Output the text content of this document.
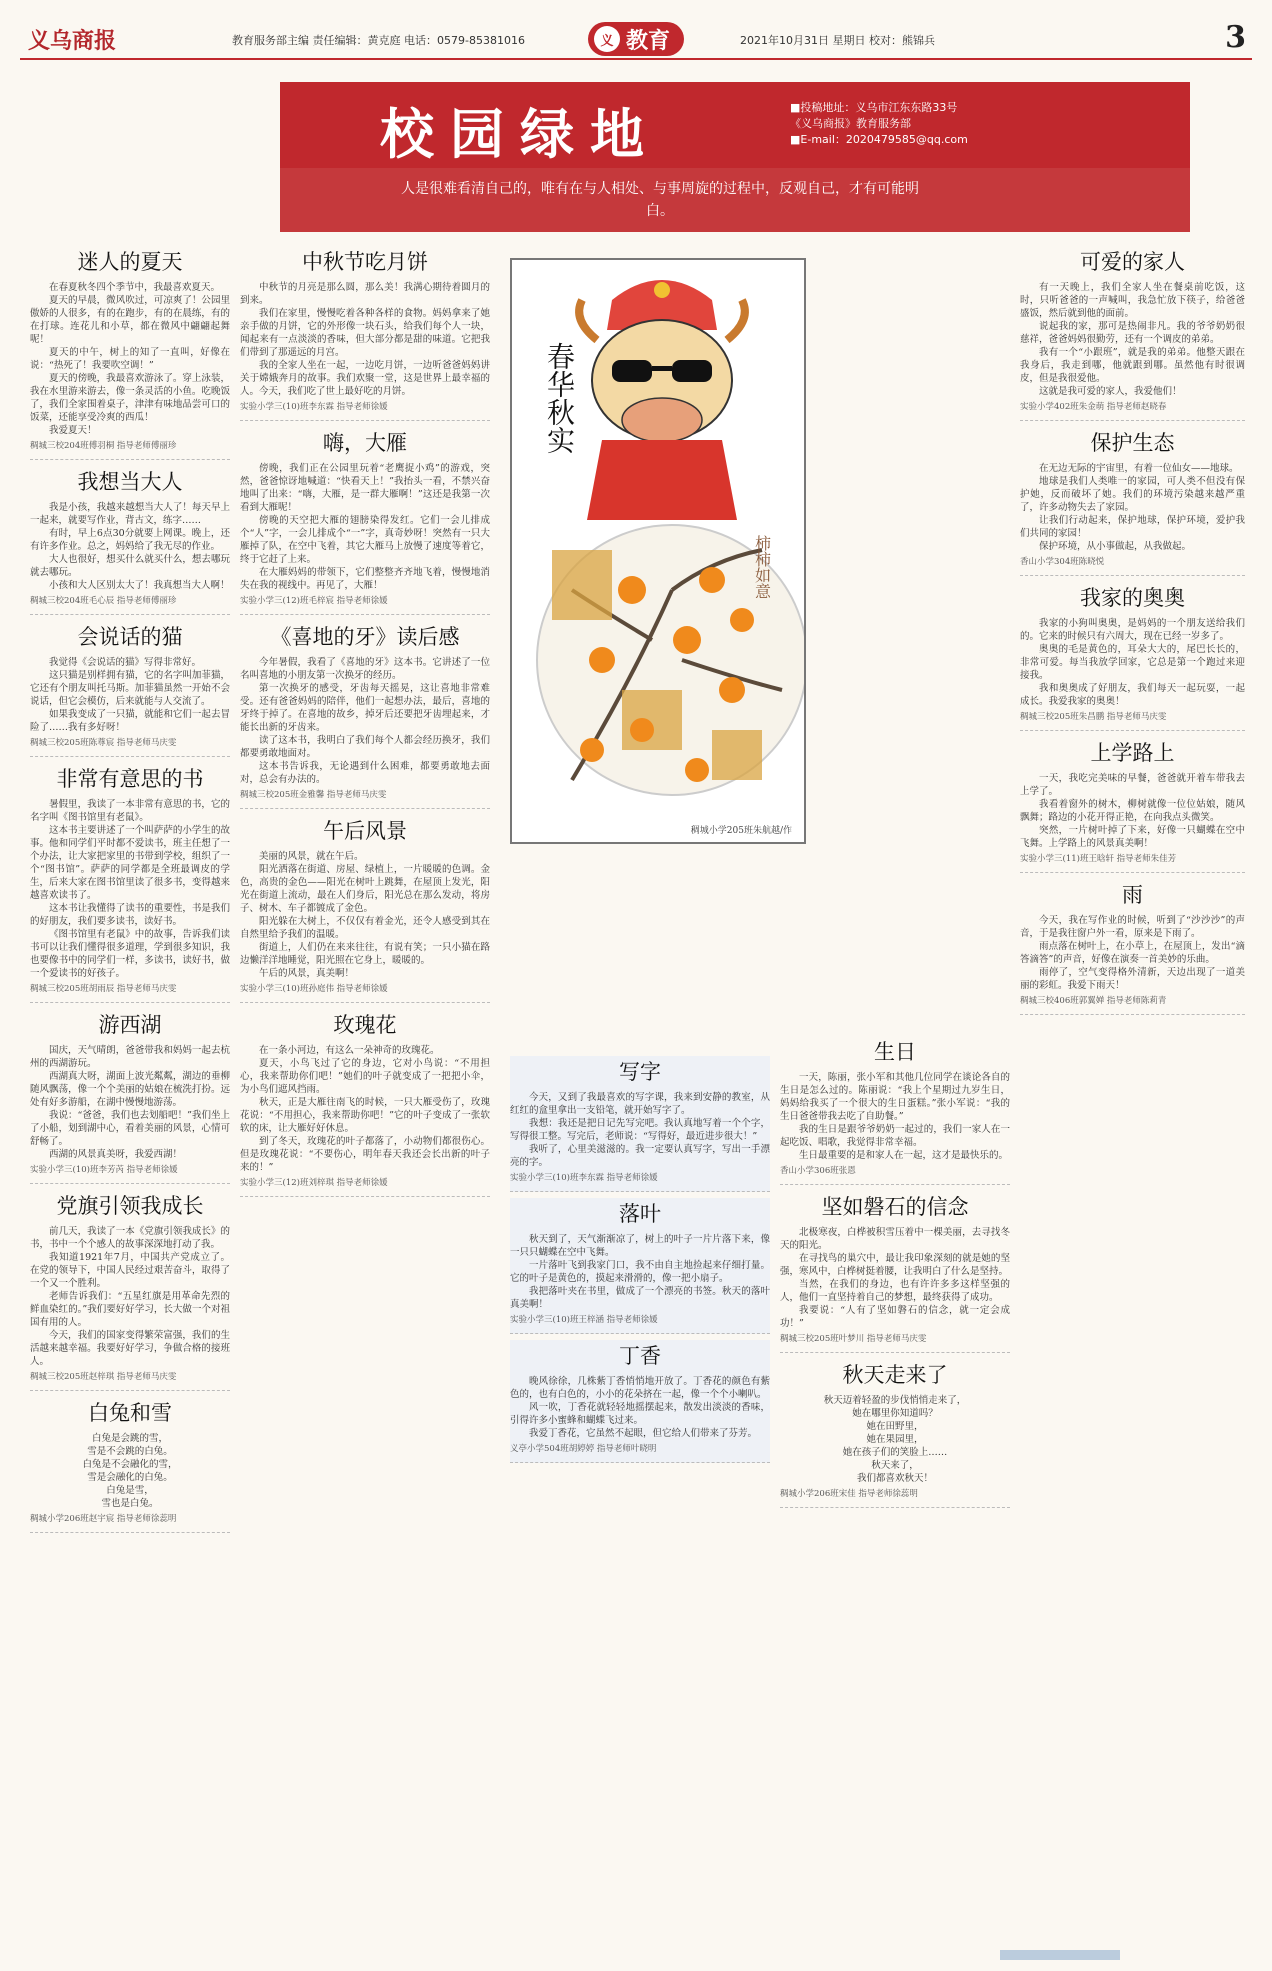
义乌商报	教育服务部主编 责任编辑：黄克庭 电话：0579-85381016	义 教育	2021年10月31日 星期日 校对：熊锦兵	3
校园绿地	■投稿地址：义乌市江东东路33号
《义乌商报》教育服务部
■E-mail：2020479585@qq.com
人是很难看清自己的，唯有在与人相处、与事周旋的过程中，反观自己，才有可能明白。
迷人的夏天

在春夏秋冬四个季节中，我最喜欢夏天。

夏天的早晨，微风吹过，可凉爽了！公园里傲娇的人很多，有的在跑步，有的在晨练，有的在打球。连花儿和小草，都在微风中翩翩起舞呢！

夏天的中午，树上的知了一直叫，好像在说：“热死了！我要吹空调！”

夏天的傍晚，我最喜欢游泳了。穿上泳装，我在水里游来游去，像一条灵活的小鱼。吃晚饭了，我们全家围着桌子，津津有味地品尝可口的饭菜，还能享受冷爽的西瓜！

我爱夏天！

稠城三校204班傅羽桐 指导老师傅丽珍

我想当大人

我是小孩，我越来越想当大人了！每天早上一起来，就要写作业，背古文，练字……

有时，早上6点30分就要上网课。晚上，还有许多作业。总之，妈妈给了我无尽的作业。

大人也很好，想买什么就买什么，想去哪玩就去哪玩。

小孩和大人区别太大了！我真想当大人啊！

稠城三校204班毛心辰 指导老师傅丽珍

会说话的猫

我觉得《会说话的猫》写得非常好。

这只猫是别样拥有猫，它的名字叫加菲猫，它还有个朋友叫托马斯。加菲猫虽然一开始不会说话，但它会模仿，后来就能与人交流了。

如果我变成了一只猫，就能和它们一起去冒险了……我有多好呀！

稠城三校205班陈尊宸 指导老师马庆雯

非常有意思的书

暑假里，我读了一本非常有意思的书，它的名字叫《图书馆里有老鼠》。

这本书主要讲述了一个叫萨萨的小学生的故事。他和同学们平时都不爱读书，班主任想了一个办法，让大家把家里的书带到学校，组织了一个“图书馆”。萨萨的同学都是全班最调皮的学生，后来大家在图书馆里读了很多书，变得越来越喜欢读书了。

这本书让我懂得了读书的重要性，书是我们的好朋友，我们要多读书，读好书。

《图书馆里有老鼠》中的故事，告诉我们读书可以让我们懂得很多道理，学到很多知识，我也要像书中的同学们一样，多读书，读好书，做一个爱读书的好孩子。

稠城三校205班胡雨辰 指导老师马庆雯

游西湖

国庆，天气晴朗，爸爸带我和妈妈一起去杭州的西湖游玩。

西湖真大呀，湖面上波光粼粼，湖边的垂柳随风飘荡，像一个个美丽的姑娘在梳洗打扮。远处有好多游船，在湖中慢慢地游荡。

我说：“爸爸，我们也去划船吧！”我们坐上了小船，划到湖中心，看着美丽的风景，心情可舒畅了。

西湖的风景真美呀，我爱西湖！

实验小学三(10)班李芳芮 指导老师徐媛

党旗引领我成长

前几天，我读了一本《党旗引领我成长》的书，书中一个个感人的故事深深地打动了我。

我知道1921年7月，中国共产党成立了。在党的领导下，中国人民经过艰苦奋斗，取得了一个又一个胜利。

老师告诉我们：“五星红旗是用革命先烈的鲜血染红的。”我们要好好学习，长大做一个对祖国有用的人。

今天，我们的国家变得繁荣富强，我们的生活越来越幸福。我要好好学习，争做合格的接班人。

稠城三校205班赵梓琪 指导老师马庆雯

白兔和雪

白兔是会跳的雪，

雪是不会跳的白兔。

白兔是不会融化的雪，

雪是会融化的白兔。

白兔是雪，

雪也是白兔。

稠城小学206班赵宇宸 指导老师徐蕊明

中秋节吃月饼

中秋节的月亮是那么圆，那么美！我满心期待着圆月的到来。

我们在家里，慢慢吃着各种各样的食物。妈妈拿来了她亲手做的月饼，它的外形像一块石头，给我们每个人一块，闻起来有一点淡淡的香味，但大部分都是甜的味道。它把我们带到了那遥远的月宫。

我的全家人坐在一起，一边吃月饼，一边听爸爸妈妈讲关于嫦娥奔月的故事。我们欢聚一堂，这是世界上最幸福的人。今天，我们吃了世上最好吃的月饼。

实验小学三(10)班李东霖 指导老师徐媛

嗨，大雁

傍晚，我们正在公园里玩着“老鹰捉小鸡”的游戏，突然，爸爸惊讶地喊道：“快看天上！”我抬头一看，不禁兴奋地叫了出来：“嗨，大雁，是一群大雁啊！”这还是我第一次看到大雁呢！

傍晚的天空把大雁的翅膀染得发红。它们一会儿排成个“人”字，一会儿排成个“一”字，真奇妙呀！突然有一只大雁掉了队，在空中飞着，其它大雁马上放慢了速度等着它，终于它赶了上来。

在大雁妈妈的带领下，它们整整齐齐地飞着，慢慢地消失在我的视线中。再见了，大雁！

实验小学三(12)班毛梓宸 指导老师徐媛

《喜地的牙》读后感

今年暑假，我看了《喜地的牙》这本书。它讲述了一位名叫喜地的小朋友第一次换牙的经历。

第一次换牙的感受，牙齿每天摇晃，这让喜地非常难受。还有爸爸妈妈的陪伴，他们一起想办法，最后，喜地的牙终于掉了。在喜地的故乡，掉牙后还要把牙齿埋起来，才能长出新的牙齿来。

读了这本书，我明白了我们每个人都会经历换牙，我们都要勇敢地面对。

这本书告诉我，无论遇到什么困难，都要勇敢地去面对，总会有办法的。

稠城三校205班金雅馨 指导老师马庆雯

午后风景

美丽的风景，就在午后。

阳光洒落在街道、房屋、绿植上，一片暖暖的色调。金色，高贵的金色——阳光在树叶上跳舞，在屋顶上发光，阳光在街道上流动，最在人们身后，阳光总在那么发动，将房子、树木、车子都镀成了金色。

阳光躲在大树上，不仅仅有着金光，还令人感受到其在自然里给予我们的温暖。

街道上，人们仍在来来往往，有说有笑；一只小猫在路边懒洋洋地睡觉，阳光照在它身上，暖暖的。

午后的风景，真美啊！

实验小学三(10)班孙庭伟 指导老师徐媛

玫瑰花

在一条小河边，有这么一朵神奇的玫瑰花。

夏天，小鸟飞过了它的身边，它对小鸟说：“不用担心，我来帮助你们吧！”她们的叶子就变成了一把把小伞，为小鸟们遮风挡雨。

秋天，正是大雁往南飞的时候，一只大雁受伤了，玫瑰花说：“不用担心，我来帮助你吧！”它的叶子变成了一张软软的床，让大雁好好休息。

到了冬天，玫瑰花的叶子都落了，小动物们都很伤心。但是玫瑰花说：“不要伤心，明年春天我还会长出新的叶子来的！”

实验小学三(12)班刘梓琪 指导老师徐媛

写字

今天，又到了我最喜欢的写字课，我来到安静的教室，从红红的盒里拿出一支铅笔，就开始写字了。

我想：我还是把日记先写完吧。我认真地写着一个个字，写得很工整。写完后，老师说：“写得好，最近进步很大！”

我听了，心里美滋滋的。我一定要认真写字，写出一手漂亮的字。

实验小学三(10)班李东霖 指导老师徐媛

落叶

秋天到了，天气渐渐凉了，树上的叶子一片片落下来，像一只只蝴蝶在空中飞舞。

一片落叶飞到我家门口，我不由自主地捡起来仔细打量。它的叶子是黄色的，摸起来滑滑的，像一把小扇子。

我把落叶夹在书里，做成了一个漂亮的书签。秋天的落叶真美啊！

实验小学三(10)班王梓涵 指导老师徐媛

丁香

晚风徐徐，几株紫丁香悄悄地开放了。丁香花的颜色有紫色的，也有白色的，小小的花朵挤在一起，像一个个小喇叭。

风一吹，丁香花就轻轻地摇摆起来，散发出淡淡的香味，引得许多小蜜蜂和蝴蝶飞过来。

我爱丁香花，它虽然不起眼，但它给人们带来了芬芳。

义亭小学504班胡婷婷 指导老师叶晓明

生日

一天，陈丽，张小军和其他几位同学在谈论各自的生日是怎么过的。陈丽说：“我上个星期过九岁生日，妈妈给我买了一个很大的生日蛋糕。”张小军说：“我的生日爸爸带我去吃了自助餐。”

我的生日是跟爷爷奶奶一起过的，我们一家人在一起吃饭、唱歌，我觉得非常幸福。

生日最重要的是和家人在一起，这才是最快乐的。

香山小学306班张恩

坚如磐石的信念

北极寒夜，白桦被积雪压着中一棵美丽，去寻找冬天的阳光。

在寻找鸟的巢穴中，最让我印象深刻的就是她的坚强，寒风中，白桦树挺着腰，让我明白了什么是坚持。

当然，在我们的身边，也有许许多多这样坚强的人，他们一直坚持着自己的梦想，最终获得了成功。

我要说：“人有了坚如磐石的信念，就一定会成功！”

稠城三校205班叶梦川 指导老师马庆雯

秋天走来了

秋天迈着轻盈的步伐悄悄走来了，

她在哪里你知道吗？

她在田野里，

她在果园里，

她在孩子们的笑脸上……

秋天来了，

我们都喜欢秋天！

稠城小学206班宋佳 指导老师徐蕊明

可爱的家人

有一天晚上，我们全家人坐在餐桌前吃饭，这时，只听爸爸的一声喊叫，我急忙放下筷子，给爸爸盛饭，然后就到他的面前。

说起我的家，那可是热闹非凡。我的爷爷奶奶很慈祥，爸爸妈妈很勤劳，还有一个调皮的弟弟。

我有一个“小跟班”，就是我的弟弟。他整天跟在我身后，我走到哪，他就跟到哪。虽然他有时很调皮，但是我很爱他。

这就是我可爱的家人，我爱他们！

实验小学402班朱金萌 指导老师赵晓春

保护生态

在无边无际的宇宙里，有着一位仙女——地球。

地球是我们人类唯一的家园，可人类不但没有保护她，反而破坏了她。我们的环境污染越来越严重了，许多动物失去了家园。

让我们行动起来，保护地球，保护环境，爱护我们共同的家园！

保护环境，从小事做起，从我做起。

香山小学304班陈晓悦

我家的奥奥

我家的小狗叫奥奥，是妈妈的一个朋友送给我们的。它来的时候只有六周大，现在已经一岁多了。

奥奥的毛是黄色的，耳朵大大的，尾巴长长的，非常可爱。每当我放学回家，它总是第一个跑过来迎接我。

我和奥奥成了好朋友，我们每天一起玩耍，一起成长。我爱我家的奥奥！

稠城三校205班朱昌鹏 指导老师马庆雯

上学路上

一天，我吃完美味的早餐，爸爸就开着车带我去上学了。

我看着窗外的树木，柳树就像一位位姑娘，随风飘舞；路边的小花开得正艳，在向我点头微笑。

突然，一片树叶掉了下来，好像一只蝴蝶在空中飞舞。上学路上的风景真美啊！

实验小学三(11)班王晗轩 指导老师朱佳芳

雨

今天，我在写作业的时候，听到了“沙沙沙”的声音，于是我往窗户外一看，原来是下雨了。

雨点落在树叶上，在小草上，在屋顶上，发出“滴答滴答”的声音，好像在演奏一首美妙的乐曲。

雨停了，空气变得格外清新，天边出现了一道美丽的彩虹。我爱下雨天！

稠城三校406班郭翼婵 指导老师陈莉青

柿柿如意
春华秋实
稠城小学205班朱航越/作
